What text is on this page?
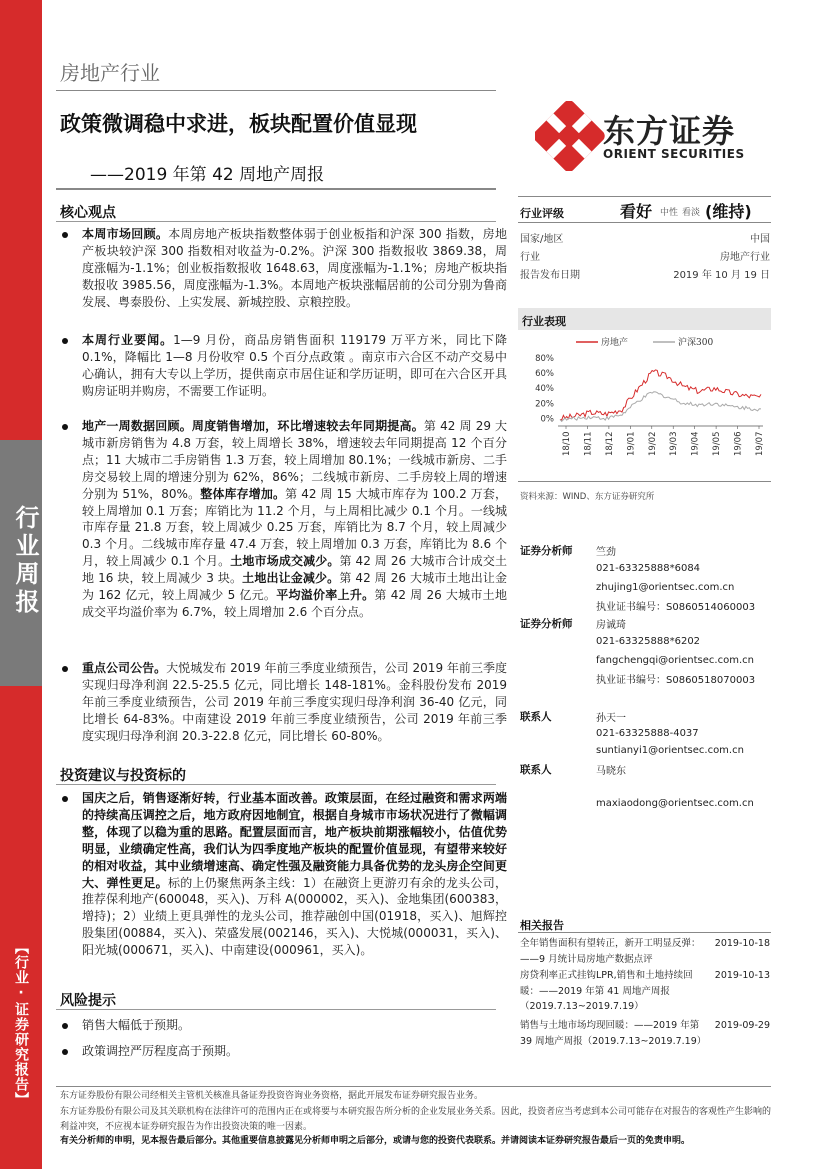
行业周报
【行业·证券研究报告】
房地产行业
政策微调稳中求进，板块配置价值显现
——2019 年第 42 周地产周报
东方证券
ORIENT SECURITIES
核心观点
本周市场回顾。本周房地产板块指数整体弱于创业板指和沪深 300 指数，房地产板块较沪深 300 指数相对收益为-0.2%。沪深 300 指数报收 3869.38，周度涨幅为-1.1%；创业板指数报收 1648.63，周度涨幅为-1.1%；房地产板块指数报收 3985.56，周度涨幅为-1.3%。本周地产板块涨幅居前的公司分别为鲁商发展、粤泰股份、上实发展、新城控股、京粮控股。
本周行业要闻。1—9 月份，商品房销售面积 119179 万平方米，同比下降 0.1%，降幅比 1—8 月份收窄 0.5 个百分点政策 。南京市六合区不动产交易中心确认，拥有大专以上学历，提供南京市居住证和学历证明，即可在六合区开具购房证明并购房，不需要工作证明。
地产一周数据回顾。周度销售增加，环比增速较去年同期提高。第 42 周 29 大城市新房销售为 4.8 万套，较上周增长 38%，增速较去年同期提高 12 个百分点；11 大城市二手房销售 1.3 万套，较上周增加 80.1%；一线城市新房、二手房交易较上周的增速分别为 62%，86%；二线城市新房、二手房较上周的增速分别为 51%，80%。整体库存增加。第 42 周 15 大城市库存为 100.2 万套，较上周增加 0.1 万套；库销比为 11.2 个月，与上周相比减少 0.1 个月。一线城市库存量 21.8 万套，较上周减少 0.25 万套，库销比为 8.7 个月，较上周减少 0.3 个月。二线城市库存量 47.4 万套，较上周增加 0.3 万套，库销比为 8.6 个月，较上周减少 0.1 个月。土地市场成交减少。第 42 周 26 大城市合计成交土地 16 块，较上周减少 3 块。土地出让金减少。第 42 周 26 大城市土地出让金为 162 亿元，较上周减少 5 亿元。平均溢价率上升。第 42 周 26 大城市土地成交平均溢价率为 6.7%，较上周增加 2.6 个百分点。
重点公司公告。大悦城发布 2019 年前三季度业绩预告，公司 2019 年前三季度实现归母净利润 22.5-25.5 亿元，同比增长 148-181%。金科股份发布 2019 年前三季度业绩预告，公司 2019 年前三季度实现归母净利润 36-40 亿元，同比增长 64-83%。中南建设 2019 年前三季度业绩预告，公司 2019 年前三季度实现归母净利润 20.3-22.8 亿元，同比增长 60-80%。
投资建议与投资标的
国庆之后，销售逐渐好转，行业基本面改善。政策层面，在经过融资和需求两端的持续高压调控之后，地方政府因地制宜，根据自身城市市场状况进行了微幅调整，体现了以稳为重的思路。配置层面而言，地产板块前期涨幅较小，估值优势明显，业绩确定性高，我们认为四季度地产板块的配置价值显现，有望带来较好的相对收益，其中业绩增速高、确定性强及融资能力具备优势的龙头房企空间更大、弹性更足。标的上仍聚焦两条主线：1）在融资上更游刃有余的龙头公司，推荐保利地产(600048，买入)、万科 A(000002，买入)、金地集团(600383，增持)；2）业绩上更具弹性的龙头公司，推荐融创中国(01918，买入)、旭辉控股集团(00884，买入)、荣盛发展(002146，买入)、大悦城(000031，买入)、阳光城(000671，买入)、中南建设(000961，买入)。
风险提示
销售大幅低于预期。
政策调控严厉程度高于预期。
行业评级	看好 中性 看淡 (维持)
国家/地区	中国
行业	房地产行业
报告发布日期	2019 年 10 月 19 日
行业表现
80%
60%
40%
20%
0%
18/10 18/11 18/12 19/01 19/02 19/03 19/04 19/05 19/06 19/07
房地产	沪深300
资料来源：WIND、东方证券研究所
证券分析师 竺劲
021-63325888*6084
zhujing1@orientsec.com.cn
执业证书编号：S0860514060003
证券分析师 房诚琦
021-63325888*6202
fangchengqi@orientsec.com.cn
执业证书编号：S0860518070003
联系人	孙天一
021-63325888-4037
suntianyi1@orientsec.com.cn
联系人	马晓东
maxiaodong@orientsec.com.cn
相关报告
全年销售面积有望转正，新开工明显反弹：
——9 月统计局房地产数据点评
2019-10-18
房贷利率正式挂钩LPR,销售和土地持续回
暖：——2019 年第 41 周地产周报
（2019.7.13~2019.7.19）
2019-10-13
销售与土地市场均现回暖：——2019 年第
39 周地产周报（2019.7.13~2019.7.19）
2019-09-29
东方证券股份有限公司经相关主管机关核准具备证券投资咨询业务资格，据此开展发布证券研究报告业务。
东方证券股份有限公司及其关联机构在法律许可的范围内正在或将要与本研究报告所分析的企业发展业务关系。因此，投资者应当考虑到本公司可能存在对报告的客观性产生影响的利益冲突，不应视本证券研究报告为作出投资决策的唯一因素。
有关分析师的申明，见本报告最后部分。其他重要信息披露见分析师申明之后部分，或请与您的投资代表联系。并请阅读本证券研究报告最后一页的免责申明。
